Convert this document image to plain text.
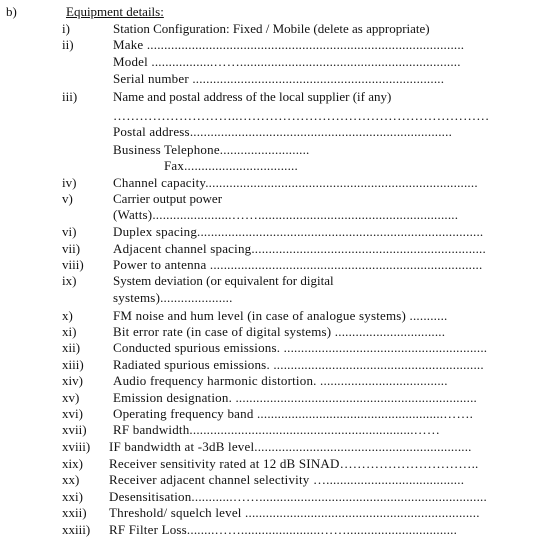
b)	Equipment details:
i)	Station Configuration: Fixed / Mobile (delete as appropriate)
ii)	Make ............................................................................................
Model ..................……................................................................
Serial number .........................................................................
iii)	Name and postal address of the local supplier (if any)
………………………..…………………………………………………
Postal address............................................................................
Business Telephone..........................
Fax.................................
iv)	Channel capacity...............................................................................
v)	Carrier output power
(Watts).......................……..........................................................
vi)	Duplex spacing...................................................................................
vii)	Adjacent channel spacing....................................................................
viii) Power to antenna ...............................................................................
ix)	System deviation (or equivalent for digital
systems).....................
x)	FM noise and hum level (in case of analogue systems) ...........
xi)	Bit error rate (in case of digital systems) ................................
xii)	Conducted spurious emissions. ...........................................................
xiii) Radiated spurious emissions. .............................................................
xiv) Audio frequency harmonic distortion. .....................................
xv)	Emission designation. ......................................................................
xvi) Operating frequency band ......................................................…….
xvii) RF bandwidth.................................................................……
xviii) IF bandwidth at -3dB level...............................................................
xix) Receiver sensitivity rated at 12 dB SINAD…………………………..
xx) Receiver adjacent channel selectivity …........................................
xxi) Desensitisation............……..................................................................
xxii) Threshold/ squelch level ....................................................................
xxiii) RF Filter Loss........…….......................……................................
